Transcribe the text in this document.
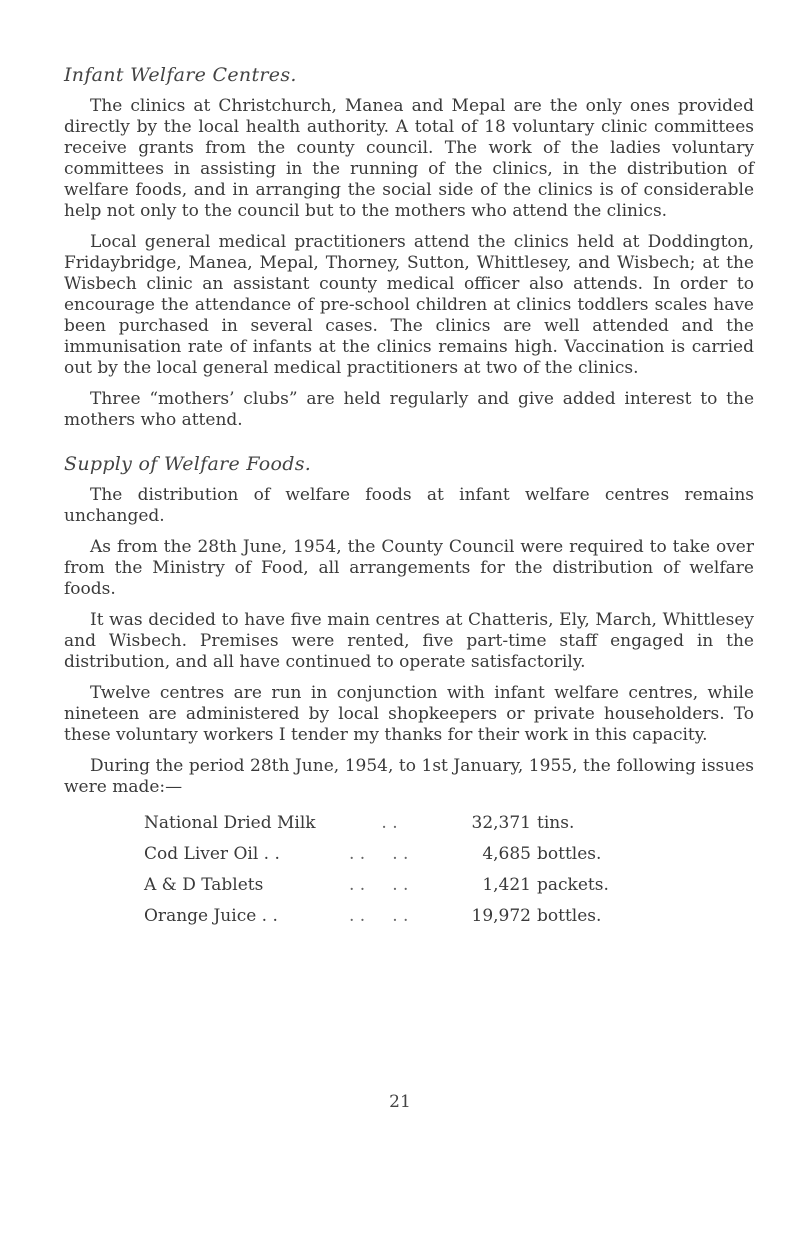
Infant Welfare Centres.

The clinics at Christchurch, Manea and Mepal are the only ones provided directly by the local health authority. A total of 18 voluntary clinic committees receive grants from the county council. The work of the ladies voluntary committees in assisting in the running of the clinics, in the distribution of welfare foods, and in arranging the social side of the clinics is of considerable help not only to the council but to the mothers who attend the clinics.

Local general medical practitioners attend the clinics held at Doddington, Fridaybridge, Manea, Mepal, Thorney, Sutton, Whittlesey, and Wisbech; at the Wisbech clinic an assistant county medical officer also attends. In order to encourage the attendance of pre-school children at clinics toddlers scales have been purchased in several cases. The clinics are well attended and the immunisation rate of infants at the clinics remains high. Vaccination is carried out by the local general medical practitioners at two of the clinics.

Three “mothers’ clubs” are held regularly and give added interest to the mothers who attend.

Supply of Welfare Foods.

The distribution of welfare foods at infant welfare centres remains unchanged.

As from the 28th June, 1954, the County Council were required to take over from the Ministry of Food, all arrangements for the distribution of welfare foods.

It was decided to have five main centres at Chatteris, Ely, March, Whittlesey and Wisbech. Premises were rented, five part-time staff engaged in the distribution, and all have continued to operate satisfactorily.

Twelve centres are run in conjunction with infant welfare centres, while nineteen are administered by local shopkeepers or private householders. To these voluntary workers I tender my thanks for their work in this capacity.

During the period 28th June, 1954, to 1st January, 1955, the following issues were made:—

National Dried Milk	. .	32,371 tins.
Cod Liver Oil . .	. .     . .	4,685 bottles.
A & D Tablets	. .     . .	1,421 packets.
Orange Juice . .	. .     . .	19,972 bottles.
21
